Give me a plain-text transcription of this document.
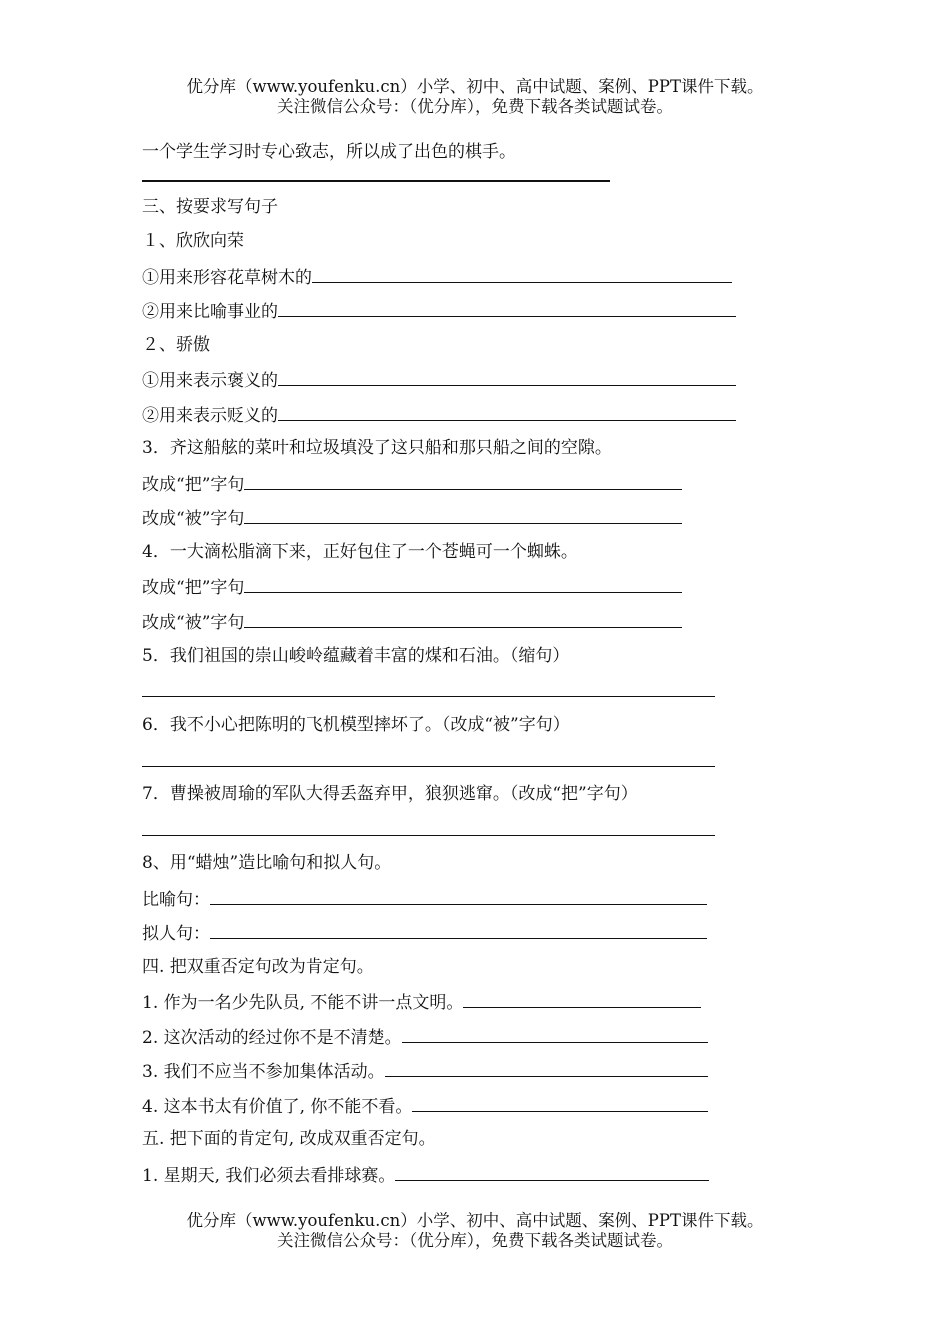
优分库（www.youfenku.cn）小学、初中、高中试题、案例、PPT课件下载。
关注微信公众号：（优分库），免费下载各类试题试卷。
一个学生学习时专心致志，所以成了出色的棋手。
三、按要求写句子
１、欣欣向荣
①用来形容花草树木的
②用来比喻事业的
２、骄傲
①用来表示褒义的
②用来表示贬义的
3．齐这船舷的菜叶和垃圾填没了这只船和那只船之间的空隙。
改成“把”字句
改成“被”字句
4．一大滴松脂滴下来，正好包住了一个苍蝇可一个蜘蛛。
改成“把”字句
改成“被”字句
5．我们祖国的崇山峻岭蕴藏着丰富的煤和石油。（缩句）
6．我不小心把陈明的飞机模型摔坏了。（改成“被”字句）
7．曹操被周瑜的军队大得丢盔弃甲，狼狈逃窜。（改成“把”字句）
8、用“蜡烛”造比喻句和拟人句。
比喻句：
拟人句：
四. 把双重否定句改为肯定句。
1. 作为一名少先队员, 不能不讲一点文明。
2. 这次活动的经过你不是不清楚。
3. 我们不应当不参加集体活动。
4. 这本书太有价值了, 你不能不看。
五. 把下面的肯定句, 改成双重否定句。
1. 星期天, 我们必须去看排球赛。
优分库（www.youfenku.cn）小学、初中、高中试题、案例、PPT课件下载。
关注微信公众号：（优分库），免费下载各类试题试卷。
